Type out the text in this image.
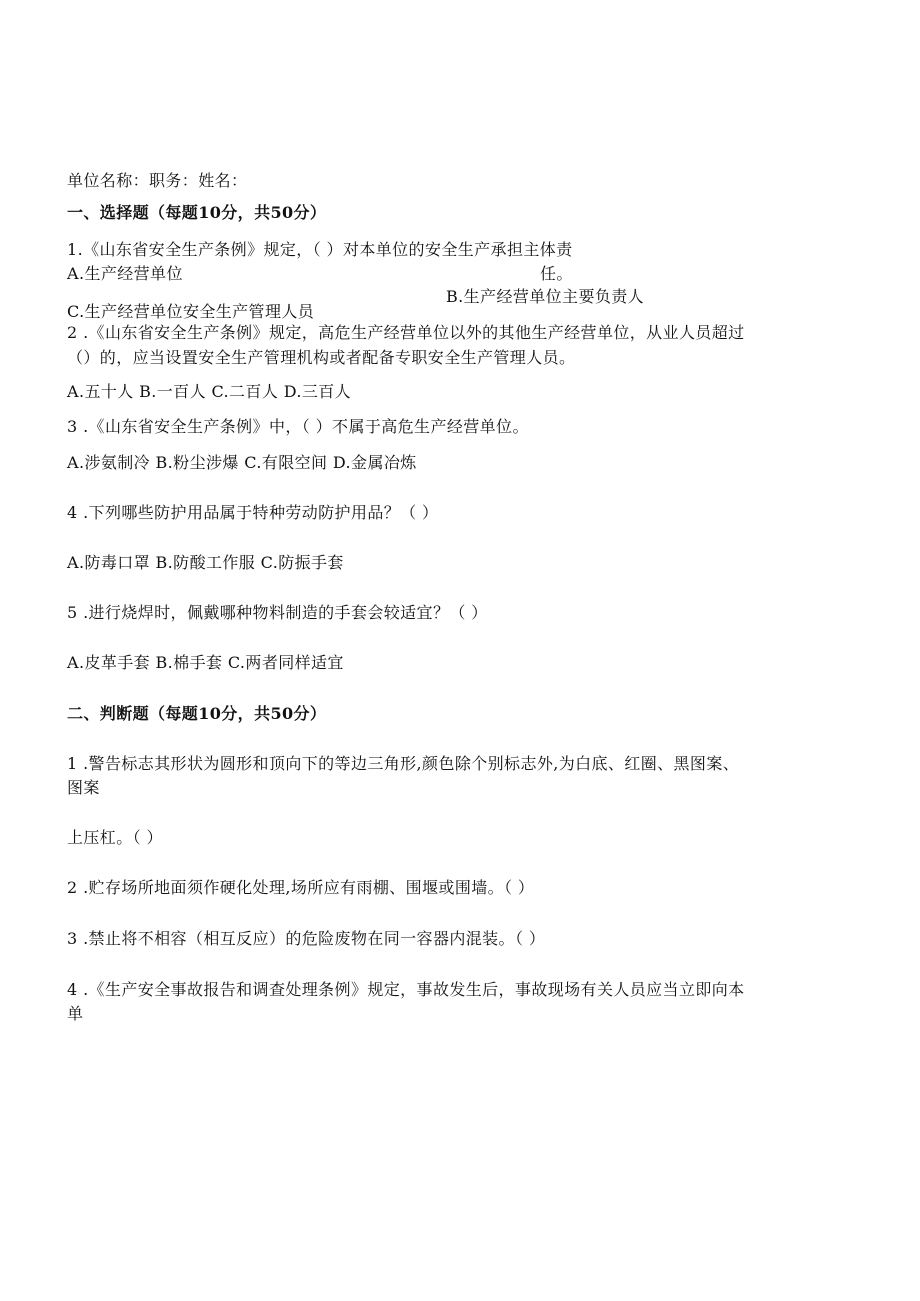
单位名称：职务：姓名：
一、选择题（每题10分，共50分）
1.《山东省安全生产条例》规定，（ ）对本单位的安全生产承担主体责
A.生产经营单位	任。
B.生产经营单位主要负责人
C.生产经营单位安全生产管理人员
2 .《山东省安全生产条例》规定，高危生产经营单位以外的其他生产经营单位，从业人员超过
（）的，应当设置安全生产管理机构或者配备专职安全生产管理人员。
A.五十人 B.一百人 C.二百人 D.三百人
3 .《山东省安全生产条例》中，（ ）不属于高危生产经营单位。
A.涉氨制冷 B.粉尘涉爆 C.有限空间 D.金属冶炼
4 .下列哪些防护用品属于特种劳动防护用品？（ ）
A.防毒口罩 B.防酸工作服 C.防振手套
5 .进行烧焊时，佩戴哪种物料制造的手套会较适宜？（ ）
A.皮革手套 B.棉手套 C.两者同样适宜
二、判断题（每题10分，共50分）
1 .警告标志其形状为圆形和顶向下的等边三角形,颜色除个别标志外,为白底、红圈、黑图案、
图案
上压杠。（ ）
2 .贮存场所地面须作硬化处理,场所应有雨棚、围堰或围墙。（ ）
3 .禁止将不相容（相互反应）的危险废物在同一容器内混装。（ ）
4 .《生产安全事故报告和调查处理条例》规定，事故发生后，事故现场有关人员应当立即向本
单
